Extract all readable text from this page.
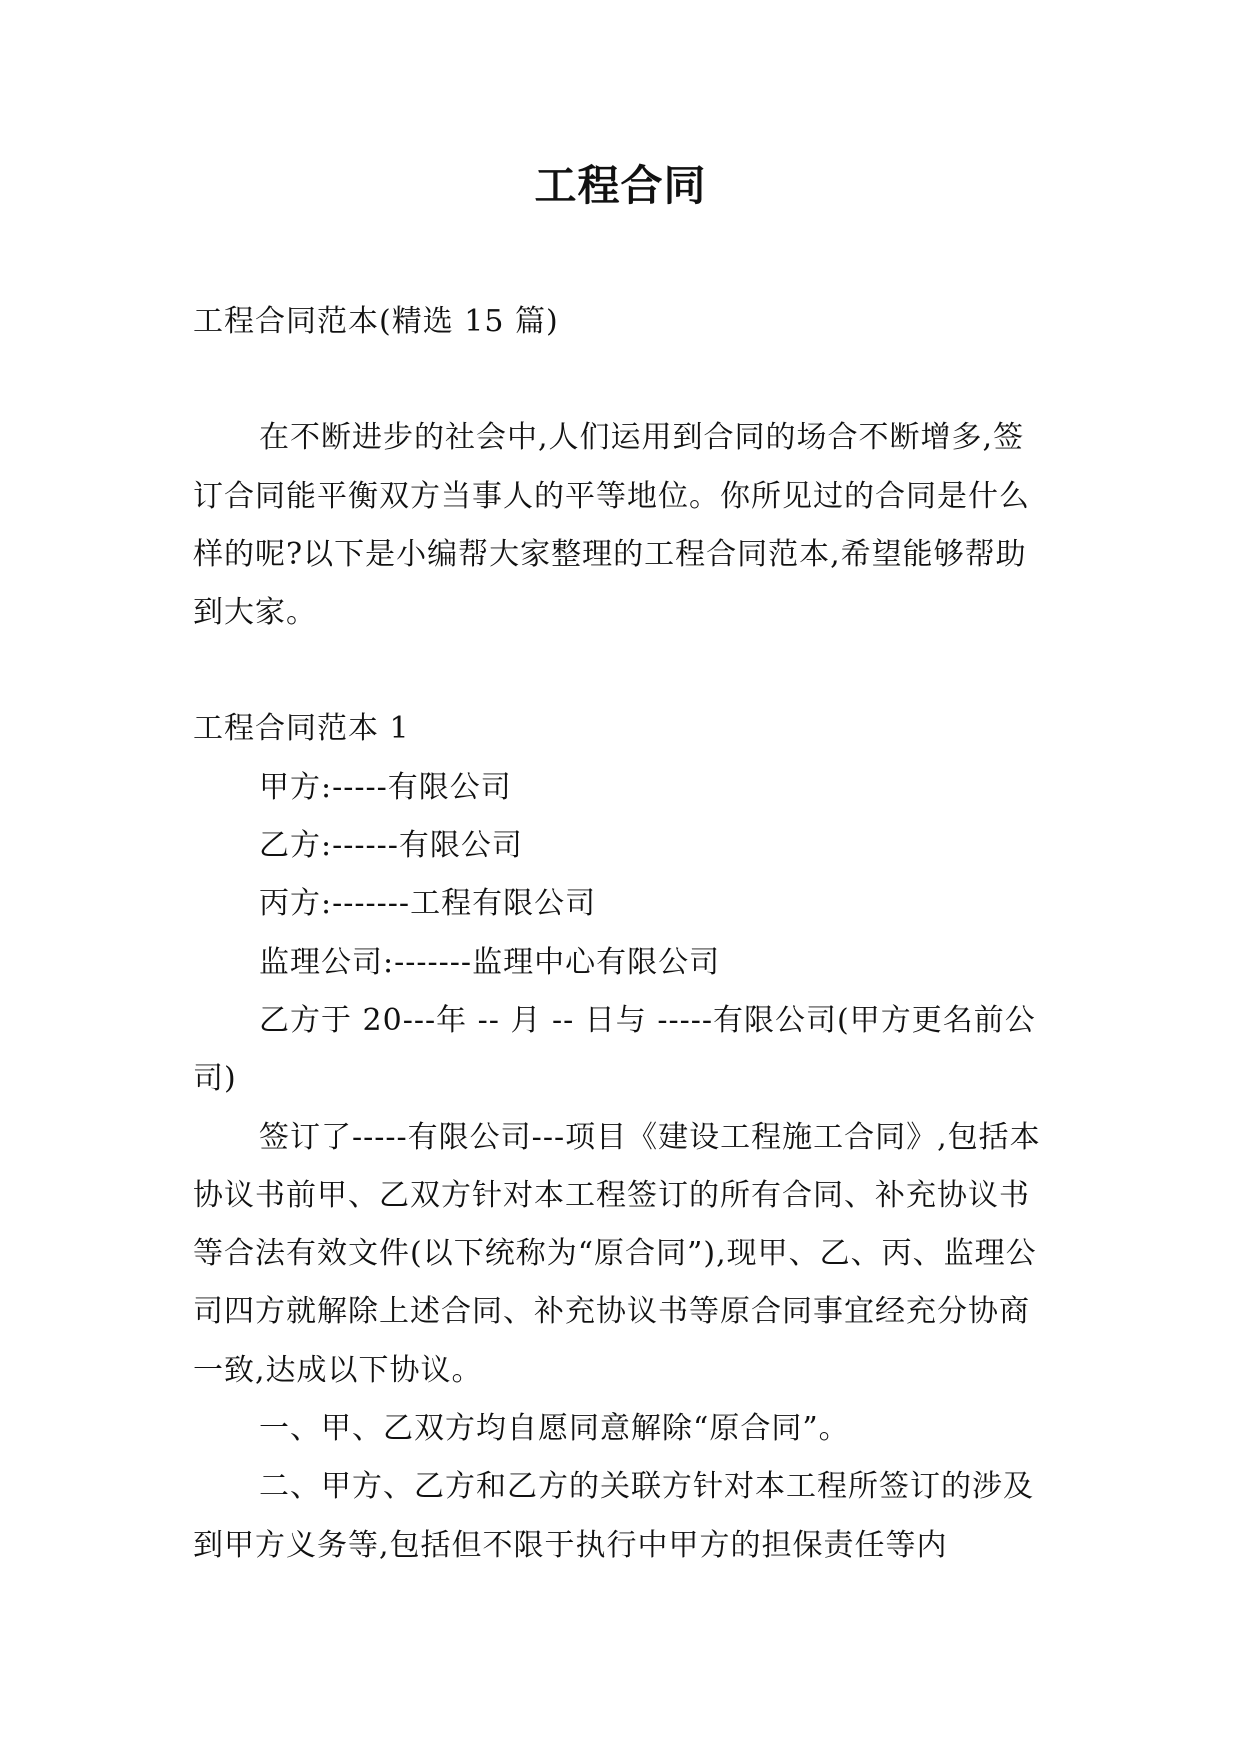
工程合同

工程合同范本(精选 15 篇)

在不断进步的社会中,人们运用到合同的场合不断增多,签订合同能平衡双方当事人的平等地位。你所见过的合同是什么样的呢?以下是小编帮大家整理的工程合同范本,希望能够帮助到大家。

工程合同范本 1

甲方:-----有限公司

乙方:------有限公司

丙方:-------工程有限公司

监理公司:-------监理中心有限公司

乙方于 20---年 -- 月 -- 日与 -----有限公司(甲方更名前公司)

签订了-----有限公司---项目《建设工程施工合同》,包括本协议书前甲、乙双方针对本工程签订的所有合同、补充协议书等合法有效文件(以下统称为“原合同”),现甲、乙、丙、监理公司四方就解除上述合同、补充协议书等原合同事宜经充分协商一致,达成以下协议。

一、甲、乙双方均自愿同意解除“原合同”。

二、甲方、乙方和乙方的关联方针对本工程所签订的涉及到甲方义务等,包括但不限于执行中甲方的担保责任等内
